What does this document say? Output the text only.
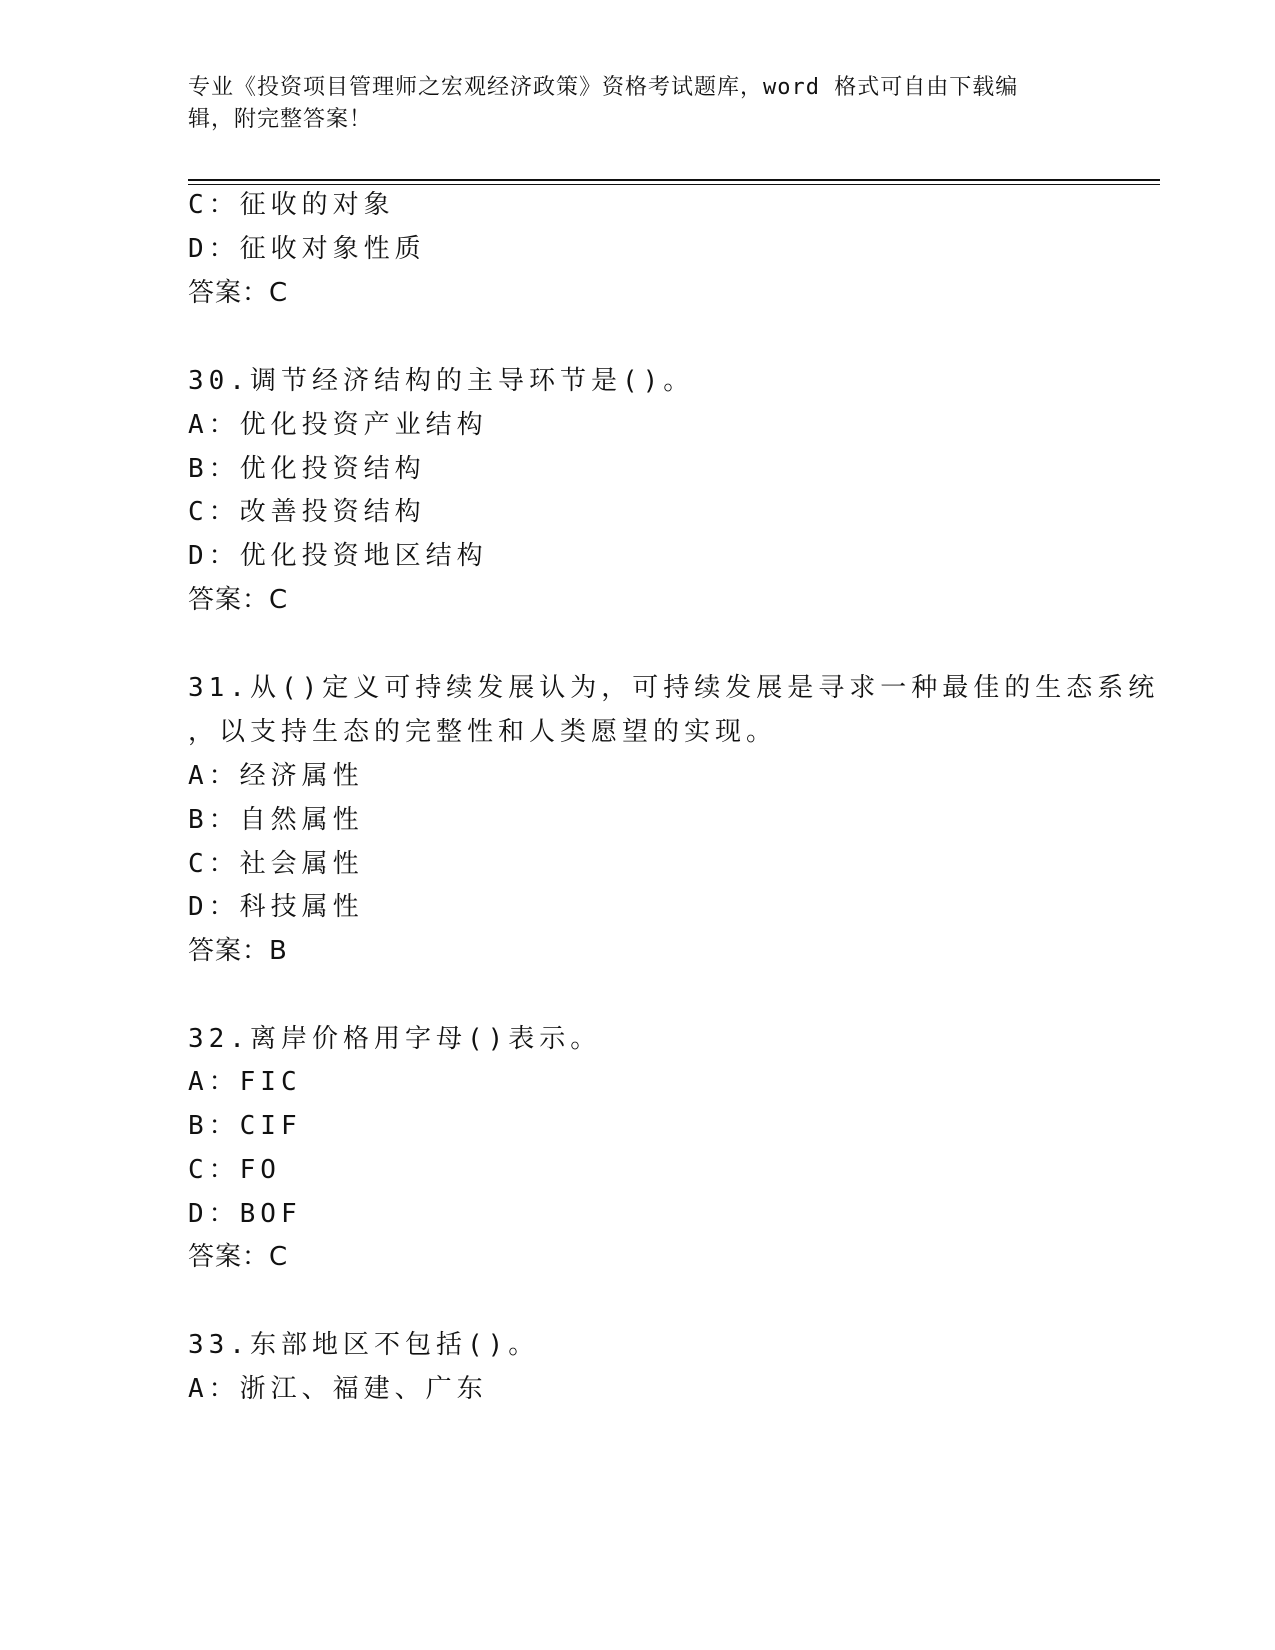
专业《投资项目管理师之宏观经济政策》资格考试题库，word 格式可自由下载编
辑，附完整答案！
C：征收的对象
D：征收对象性质
答案：C
30.调节经济结构的主导环节是()。
A：优化投资产业结构
B：优化投资结构
C：改善投资结构
D：优化投资地区结构
答案：C
31.从()定义可持续发展认为，可持续发展是寻求一种最佳的生态系统
，以支持生态的完整性和人类愿望的实现。
A：经济属性
B：自然属性
C：社会属性
D：科技属性
答案：B
32.离岸价格用字母()表示。
A：FIC
B：CIF
C：FO
D：BOF
答案：C
33.东部地区不包括()。
A：浙江、福建、广东
